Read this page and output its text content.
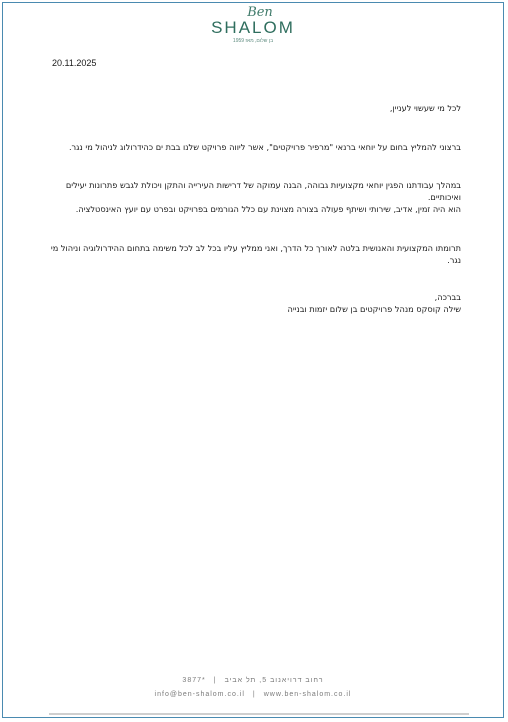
Ben
SHALOM
בן שלום, מאז 1959
20.11.2025

לכל מי שעשוי לעניין,

ברצוני להמליץ בחום על יוחאי ברנאי "מרפיר פרויקטים", אשר ליווה פרויקט שלנו בבת ים כהידרולוג לניהול מי נגר.

במהלך עבודתנו הפגין יוחאי מקצועיות גבוהה, הבנה עמוקה של דרישות העירייה והתקן ויכולת לגבש פתרונות יעילים ואיכותיים.

הוא היה זמין, אדיב, שירותי ושיתף פעולה בצורה מצוינת עם כלל הגורמים בפרויקט ובפרט עם יועץ האינסטלציה.

תרומתו המקצועית והאנושית בלטה לאורך כל הדרך, ואני ממליץ עליו בכל לב לכל משימה בתחום ההידרולוגיה וניהול מי נגר.

בברכה,

שילה קוסקס מנהל פרויקטים בן שלום יזמות ובנייה

רחוב דרויאנוב 5, תל אביב|*3877
info@ben-shalom.co.il | www.ben-shalom.co.il
